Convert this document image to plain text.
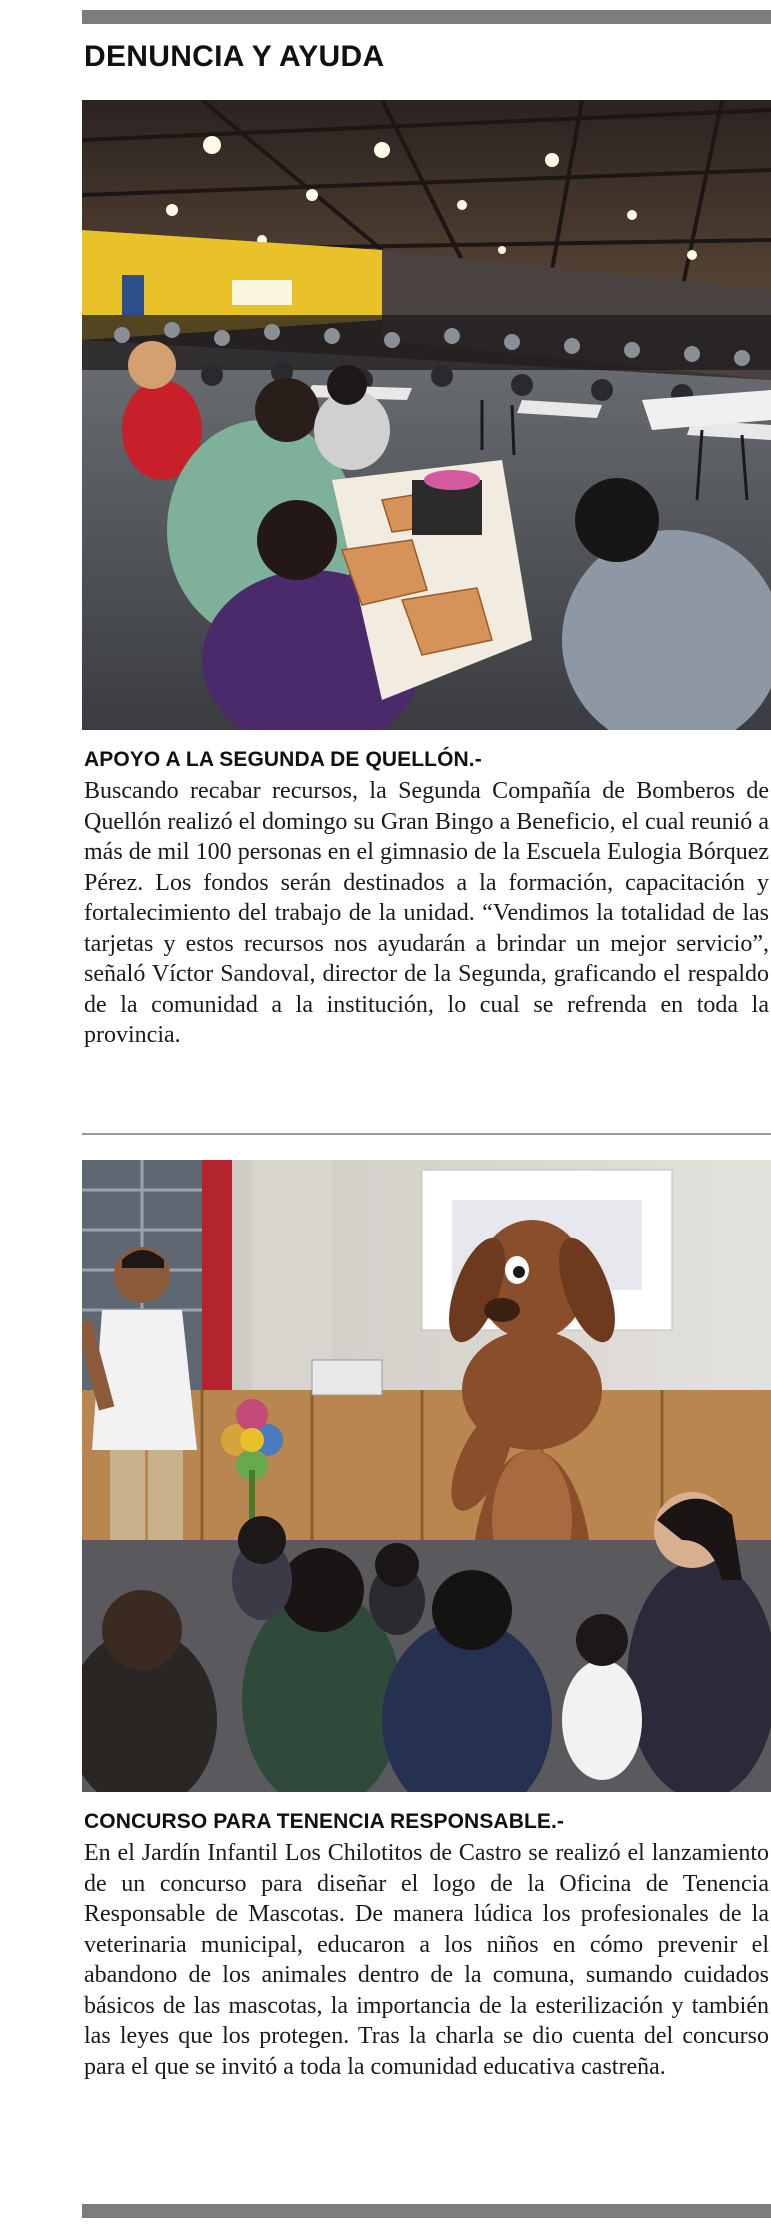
DENUNCIA Y AYUDA
APOYO A LA SEGUNDA DE QUELLÓN.-

Buscando recabar recursos, la Segunda Compañía de Bomberos de Quellón realizó el domingo su Gran Bingo a Beneficio, el cual reunió a más de mil 100 personas en el gimnasio de la Escuela Eulogia Bórquez Pérez. Los fondos serán destinados a la formación, capacitación y fortalecimiento del trabajo de la unidad. “Vendimos la totalidad de las tarjetas y estos recursos nos ayudarán a brindar un mejor servicio”, señaló Víctor Sandoval, director de la Segunda, graficando el respaldo de la comunidad a la institución, lo cual se refrenda en toda la provincia.

CONCURSO PARA TENENCIA RESPONSABLE.-

En el Jardín Infantil Los Chilotitos de Castro se realizó el lanzamiento de un concurso para diseñar el logo de la Oficina de Tenencia Responsable de Mascotas. De manera lúdica los profesionales de la veterinaria municipal, educaron a los niños en cómo prevenir el abandono de los animales dentro de la comuna, sumando cuidados básicos de las mascotas, la importancia de la esterilización y también las leyes que los protegen. Tras la charla se dio cuenta del concurso para el que se invitó a toda la comunidad educativa castreña.
